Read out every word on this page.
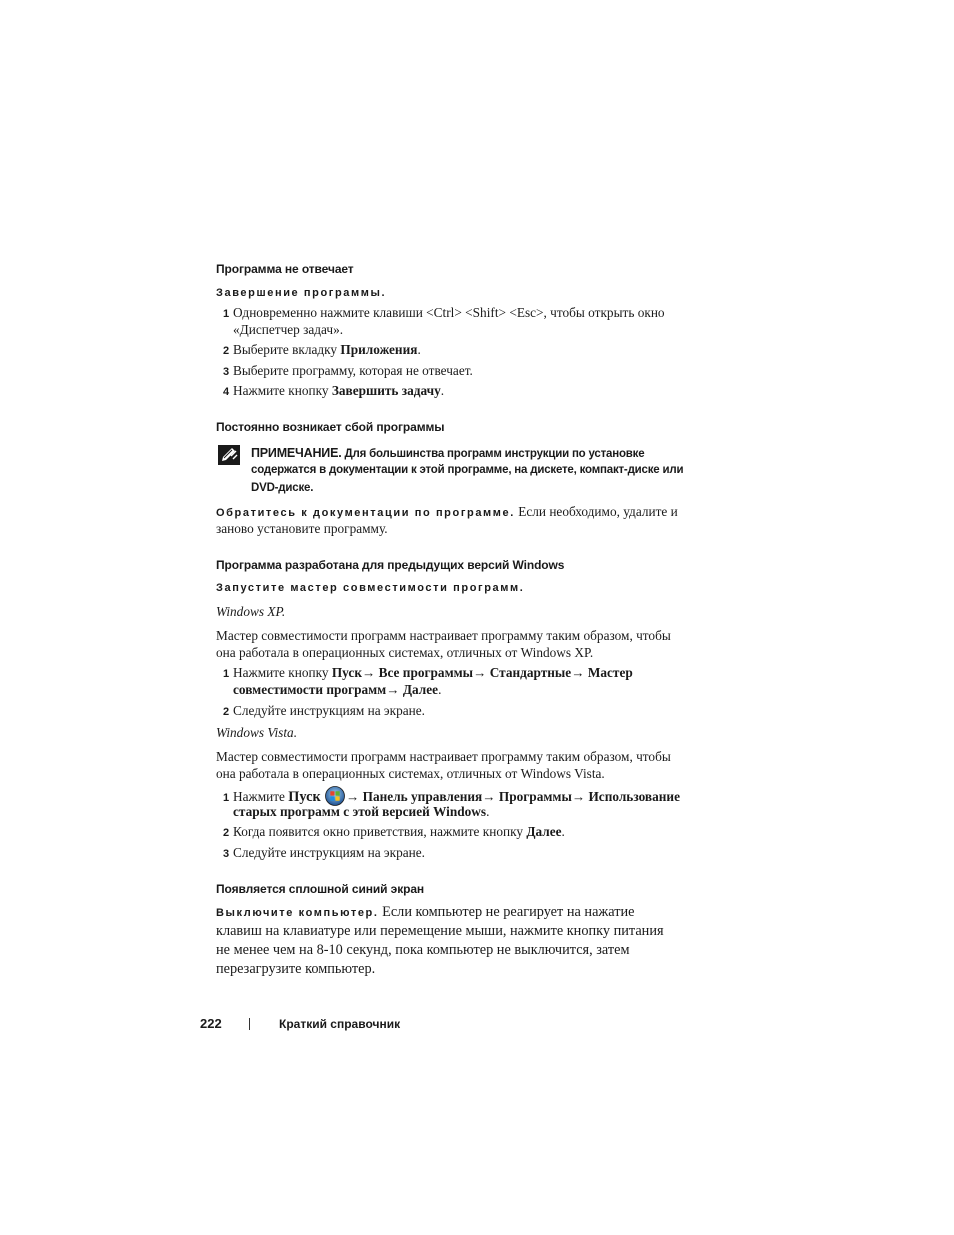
Программа не отвечает
Завершение программы.
1 Одновременно нажмите клавиши <Ctrl> <Shift> <Esc>, чтобы открыть окно
«Диспетчер задач».
2 Выберите вкладку Приложения.
3 Выберите программу, которая не отвечает.
4 Нажмите кнопку Завершить задачу.
Постоянно возникает сбой программы
ПРИМЕЧАНИЕ. Для большинства программ инструкции по установке
содержатся в документации к этой программе, на дискете, компакт-диске или
DVD-диске.
Обратитесь к документации по программе. Если необходимо, удалите и
заново установите программу.
Программа разработана для предыдущих версий Windows
Запустите мастер совместимости программ.
Windows XP.
Мастер совместимости программ настраивает программу таким образом, чтобы
она работала в операционных системах, отличных от Windows XP.
1 Нажмите кнопку Пуск→ Все программы→ Стандартные→ Мастер
совместимости программ→ Далее.
2 Следуйте инструкциям на экране.
Windows Vista.
Мастер совместимости программ настраивает программу таким образом, чтобы
она работала в операционных системах, отличных от Windows Vista.
1 Нажмите Пуск → Панель управления→ Программы→ Использование
старых программ с этой версией Windows.
2 Когда появится окно приветствия, нажмите кнопку Далее.
3 Следуйте инструкциям на экране.
Появляется сплошной синий экран
Выключите компьютер. Если компьютер не реагирует на нажатие
клавиш на клавиатуре или перемещение мыши, нажмите кнопку питания
не менее чем на 8-10 секунд, пока компьютер не выключится, затем
перезагрузите компьютер.
222	Краткий справочник
